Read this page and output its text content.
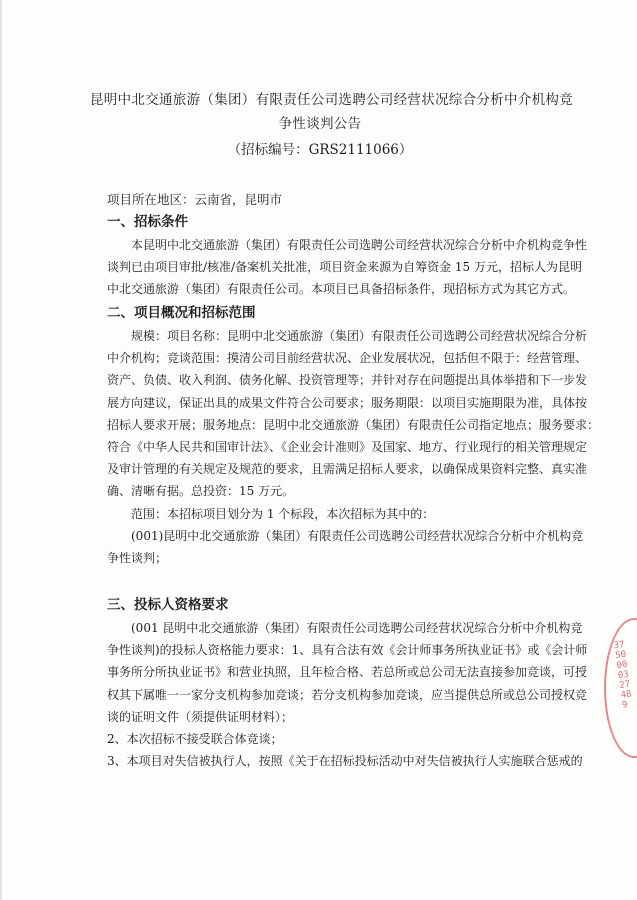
昆明中北交通旅游（集团）有限责任公司选聘公司经营状况综合分析中介机构竞
争性谈判公告
（招标编号：GRS2111066）
项目所在地区：云南省，昆明市
一、招标条件
本昆明中北交通旅游（集团）有限责任公司选聘公司经营状况综合分析中介机构竞争性
谈判已由项目审批/核准/备案机关批准，项目资金来源为自筹资金 15 万元，招标人为昆明
中北交通旅游（集团）有限责任公司。本项目已具备招标条件，现招标方式为其它方式。
二、项目概况和招标范围
规模：项目名称：昆明中北交通旅游（集团）有限责任公司选聘公司经营状况综合分析
中介机构；竞谈范围：摸清公司目前经营状况、企业发展状况，包括但不限于：经营管理、
资产、负债、收入利润、债务化解、投资管理等；并针对存在问题提出具体举措和下一步发
展方向建议，保证出具的成果文件符合公司要求；服务期限：以项目实施期限为准，具体按
招标人要求开展；服务地点：昆明中北交通旅游（集团）有限责任公司指定地点；服务要求：
符合《中华人民共和国审计法》、《企业会计准则》及国家、地方、行业现行的相关管理规定
及审计管理的有关规定及规范的要求，且需满足招标人要求，以确保成果资料完整、真实准
确、清晰有据。总投资：15 万元。
范围：本招标项目划分为 1 个标段，本次招标为其中的：
(001)昆明中北交通旅游（集团）有限责任公司选聘公司经营状况综合分析中介机构竞
争性谈判；
三、投标人资格要求
(001 昆明中北交通旅游（集团）有限责任公司选聘公司经营状况综合分析中介机构竞
争性谈判)的投标人资格能力要求：1、具有合法有效《会计师事务所执业证书》或《会计师
事务所分所执业证书》和营业执照，且年检合格、若总所或总公司无法直接参加竞谈，可授
权其下属唯一一家分支机构参加竞谈；若分支机构参加竞谈，应当提供总所或总公司授权竞
谈的证明文件（须提供证明材料）；
2、本次招标不接受联合体竞谈；
3、本项目对失信被执行人，按照《关于在招标投标活动中对失信被执行人实施联合惩戒的
3750000327489
